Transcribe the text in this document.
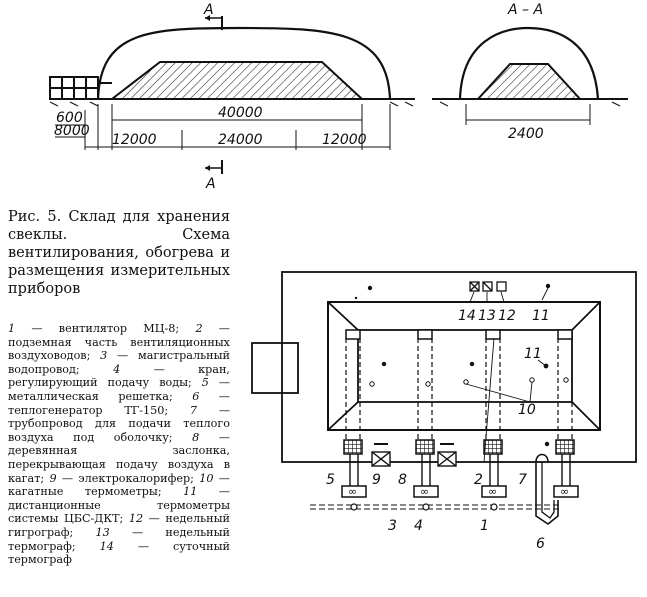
A
A
40000
12000	24000	12000
600
8000
А – А
2400
∞	∞	∞	∞
14 13 12 11
11
10
5	9 8	2	7
3 4	1
6
Рис. 5. Склад для хранения свеклы. Схема вентилирования, обогрева и размещения измерительных приборов
1 — вентилятор МЦ-8; 2 — подземная часть вентиляционных воздуховодов; 3 — магистральный водопровод;	4 — кран, регулирующий подачу воды; 5 — металлическая решетка; 6 — теплогенератор ТГ-150; 7 — трубопровод для подачи теплого воздуха под оболочку; 8 — деревянная заслонка, перекрывающая подачу воздуха в кагат; 9 — электрокалорифер; 10 — кагатные термометры; 11 — дистанционные термометры системы ЦБС-ДКТ; 12 — недельный гигрограф; 13 — недельный термограф; 14 — суточный термограф
